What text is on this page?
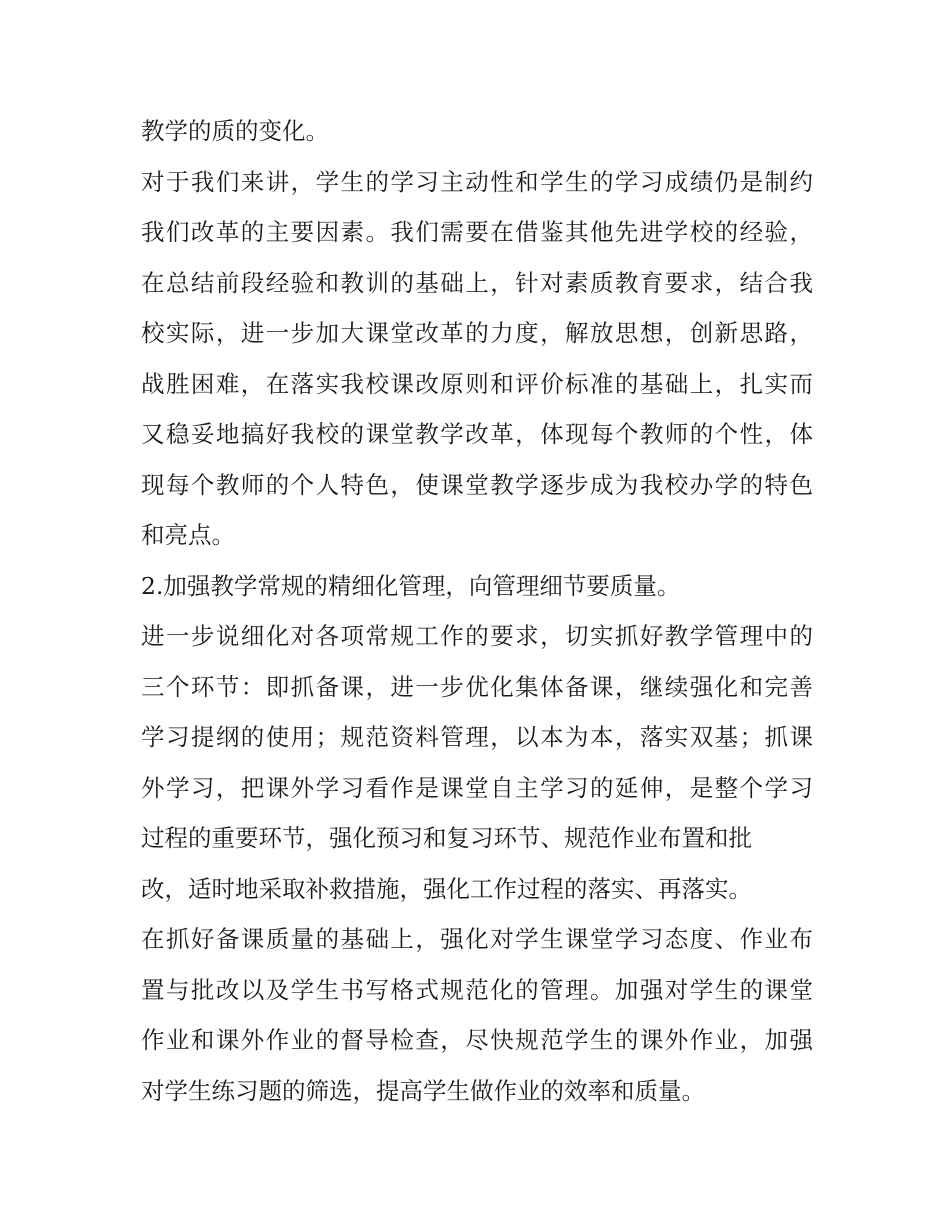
教学的质的变化。
对于我们来讲，学生的学习主动性和学生的学习成绩仍是制约
我们改革的主要因素。我们需要在借鉴其他先进学校的经验，
在总结前段经验和教训的基础上，针对素质教育要求，结合我
校实际，进一步加大课堂改革的力度，解放思想，创新思路，
战胜困难，在落实我校课改原则和评价标准的基础上，扎实而
又稳妥地搞好我校的课堂教学改革，体现每个教师的个性，体
现每个教师的个人特色，使课堂教学逐步成为我校办学的特色
和亮点。
2.加强教学常规的精细化管理，向管理细节要质量。
进一步说细化对各项常规工作的要求，切实抓好教学管理中的
三个环节：即抓备课，进一步优化集体备课，继续强化和完善
学习提纲的使用；规范资料管理，以本为本，落实双基；抓课
外学习，把课外学习看作是课堂自主学习的延伸，是整个学习
过程的重要环节，强化预习和复习环节、规范作业布置和批
改，适时地采取补救措施，强化工作过程的落实、再落实。
在抓好备课质量的基础上，强化对学生课堂学习态度、作业布
置与批改以及学生书写格式规范化的管理。加强对学生的课堂
作业和课外作业的督导检查，尽快规范学生的课外作业，加强
对学生练习题的筛选，提高学生做作业的效率和质量。
